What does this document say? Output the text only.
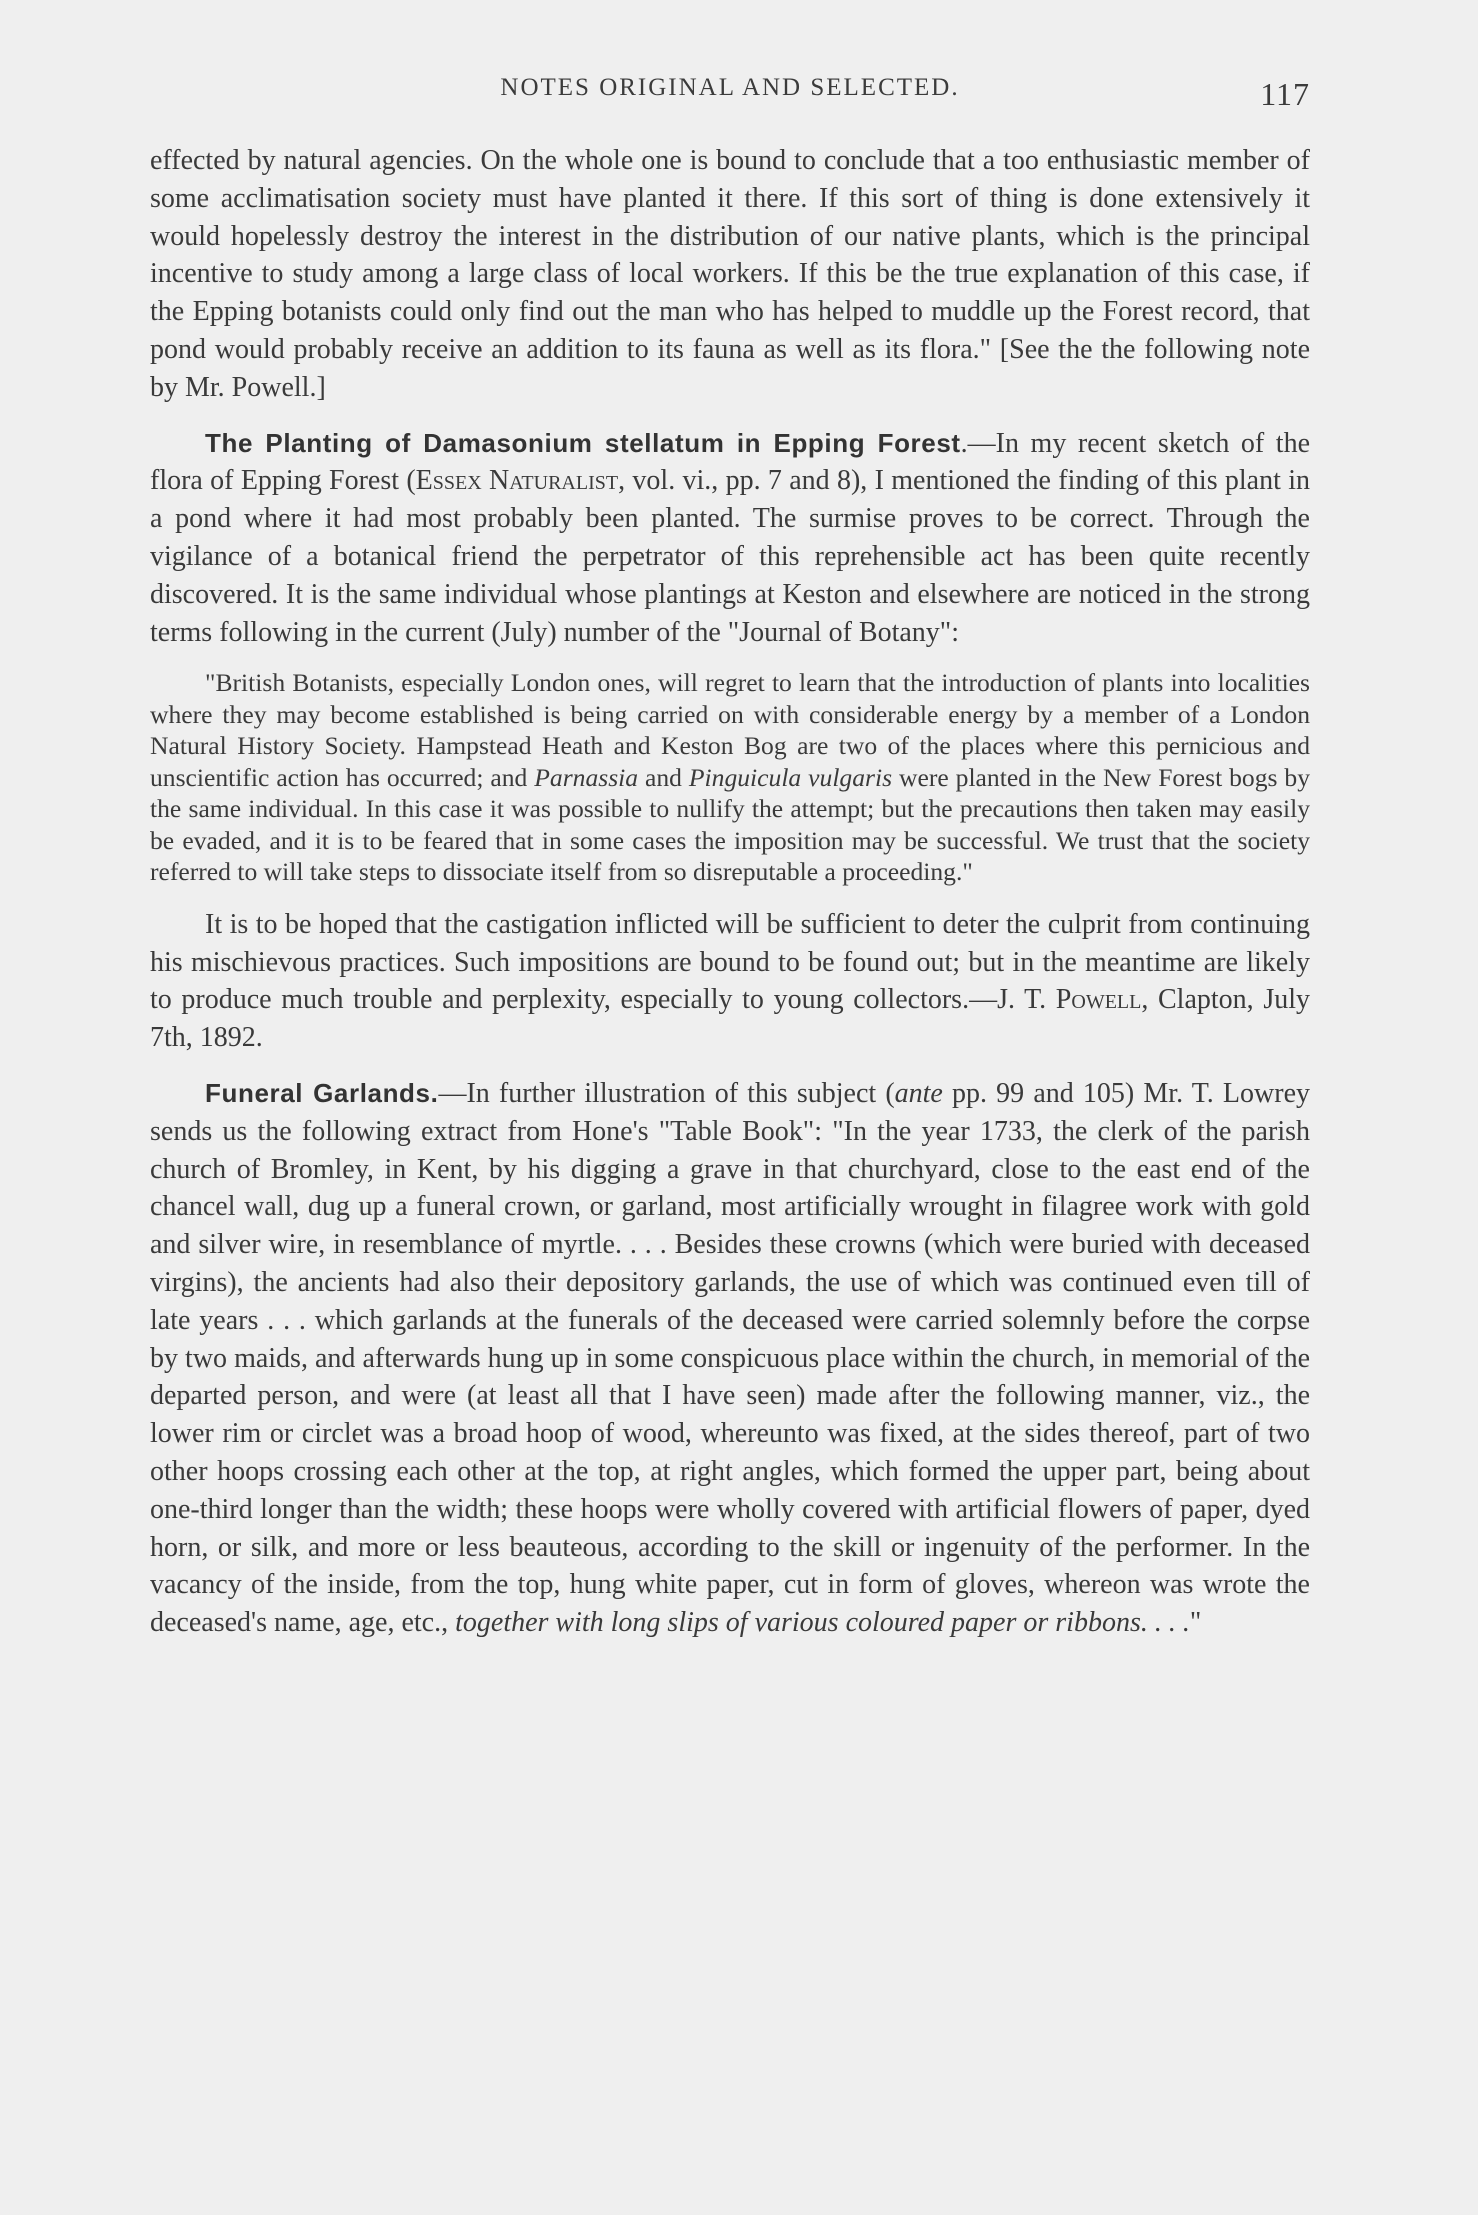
NOTES ORIGINAL AND SELECTED.	117

effected by natural agencies. On the whole one is bound to conclude that a too enthusiastic member of some acclimatisation society must have planted it there. If this sort of thing is done extensively it would hopelessly destroy the interest in the distribution of our native plants, which is the principal incentive to study among a large class of local workers. If this be the true explanation of this case, if the Epping botanists could only find out the man who has helped to muddle up the Forest record, that pond would probably receive an addition to its fauna as well as its flora." [See the the following note by Mr. Powell.]

The Planting of Damasonium stellatum in Epping Forest.—In my recent sketch of the flora of Epping Forest (Essex Naturalist, vol. vi., pp. 7 and 8), I mentioned the finding of this plant in a pond where it had most probably been planted. The surmise proves to be correct. Through the vigilance of a botanical friend the perpetrator of this reprehensible act has been quite recently discovered. It is the same individual whose plantings at Keston and elsewhere are noticed in the strong terms following in the current (July) number of the "Journal of Botany":

"British Botanists, especially London ones, will regret to learn that the introduction of plants into localities where they may become established is being carried on with considerable energy by a member of a London Natural History Society. Hampstead Heath and Keston Bog are two of the places where this pernicious and unscientific action has occurred; and Parnassia and Pinguicula vulgaris were planted in the New Forest bogs by the same individual. In this case it was possible to nullify the attempt; but the precautions then taken may easily be evaded, and it is to be feared that in some cases the imposition may be successful. We trust that the society referred to will take steps to dissociate itself from so disreputable a proceeding."

It is to be hoped that the castigation inflicted will be sufficient to deter the culprit from continuing his mischievous practices. Such impositions are bound to be found out; but in the meantime are likely to produce much trouble and perplexity, especially to young collectors.—J. T. Powell, Clapton, July 7th, 1892.

Funeral Garlands.—In further illustration of this subject (ante pp. 99 and 105) Mr. T. Lowrey sends us the following extract from Hone's "Table Book": "In the year 1733, the clerk of the parish church of Bromley, in Kent, by his digging a grave in that churchyard, close to the east end of the chancel wall, dug up a funeral crown, or garland, most artificially wrought in filagree work with gold and silver wire, in resemblance of myrtle. . . . Besides these crowns (which were buried with deceased virgins), the ancients had also their depository garlands, the use of which was continued even till of late years . . . which garlands at the funerals of the deceased were carried solemnly before the corpse by two maids, and afterwards hung up in some conspicuous place within the church, in memorial of the departed person, and were (at least all that I have seen) made after the following manner, viz., the lower rim or circlet was a broad hoop of wood, whereunto was fixed, at the sides thereof, part of two other hoops crossing each other at the top, at right angles, which formed the upper part, being about one-third longer than the width; these hoops were wholly covered with artificial flowers of paper, dyed horn, or silk, and more or less beauteous, according to the skill or ingenuity of the performer. In the vacancy of the inside, from the top, hung white paper, cut in form of gloves, whereon was wrote the deceased's name, age, etc., together with long slips of various coloured paper or ribbons. . . ."
